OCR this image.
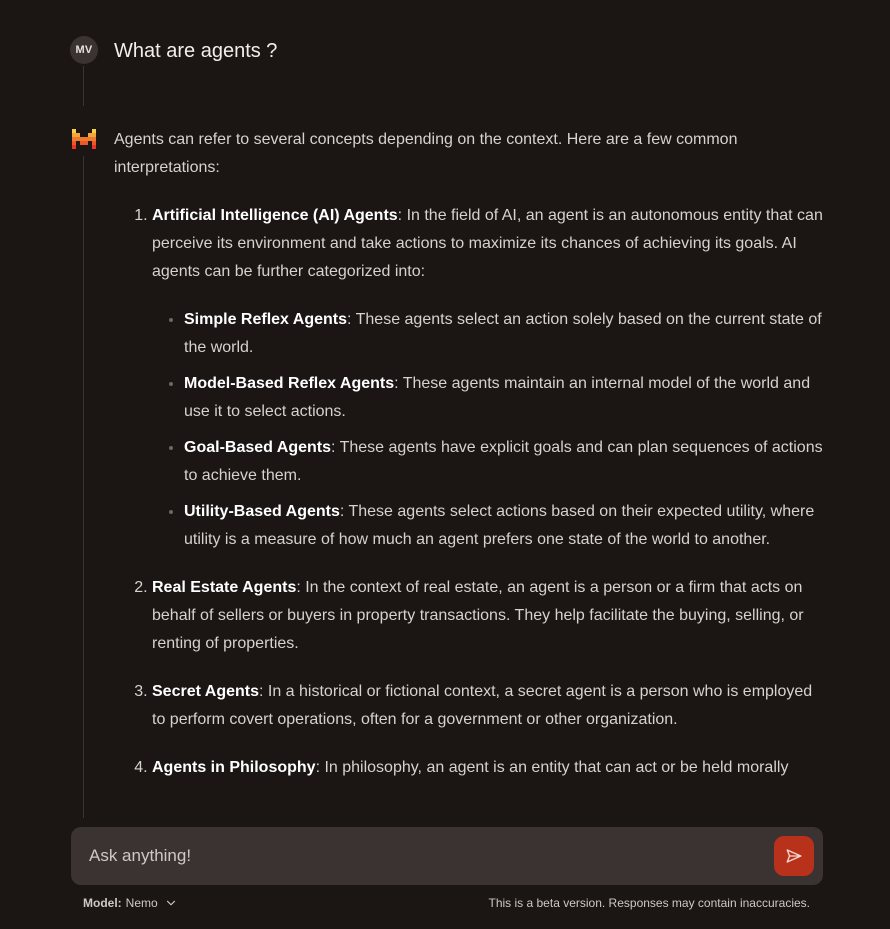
MV What are agents ?

Agents can refer to several concepts depending on the context. Here are a few common interpretations:

1. Artificial Intelligence (AI) Agents: In the field of AI, an agent is an autonomous entity that can perceive its environment and take actions to maximize its chances of achieving its goals. AI agents can be further categorized into:
• Simple Reflex Agents: These agents select an action solely based on the current state of the world.
• Model-Based Reflex Agents: These agents maintain an internal model of the world and use it to select actions.
• Goal-Based Agents: These agents have explicit goals and can plan sequences of actions to achieve them.
• Utility-Based Agents: These agents select actions based on their expected utility, where utility is a measure of how much an agent prefers one state of the world to another.
2. Real Estate Agents: In the context of real estate, an agent is a person or a firm that acts on behalf of sellers or buyers in property transactions. They help facilitate the buying, selling, or renting of properties.
3. Secret Agents: In a historical or fictional context, a secret agent is a person who is employed to perform covert operations, often for a government or other organization.
4. Agents in Philosophy: In philosophy, an agent is an entity that can act or be held morally
Ask anything!
Model: Nemo	This is a beta version. Responses may contain inaccuracies.
